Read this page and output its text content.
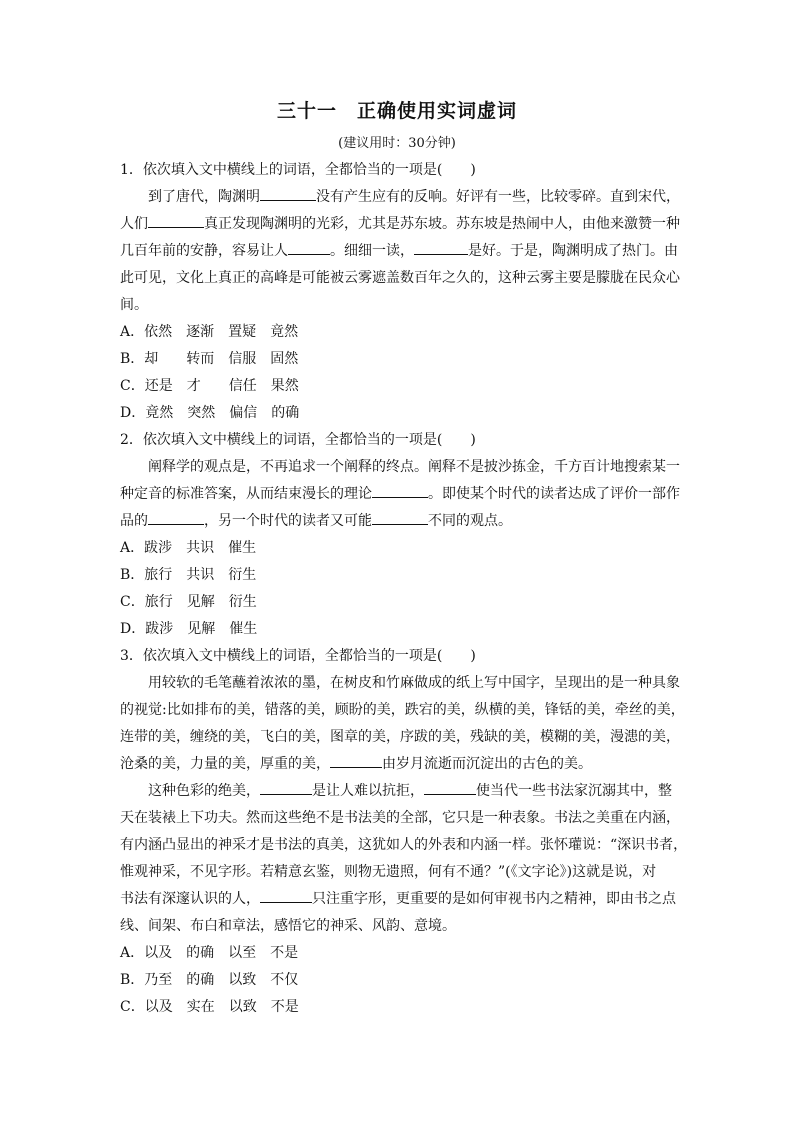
三十一　正确使用实词虚词
(建议用时：30分钟)
1．依次填入文中横线上的词语，全都恰当的一项是(　　)
到了唐代，陶渊明	没有产生应有的反响。好评有一些，比较零碎。直到宋代，
人们	真正发现陶渊明的光彩，尤其是苏东坡。苏东坡是热闹中人，由他来激赞一种
几百年前的安静，容易让人	。细细一读，	是好。于是，陶渊明成了热门。由
此可见，文化上真正的高峰是可能被云雾遮盖数百年之久的，这种云雾主要是朦胧在民众心
间。
A．依然　逐渐　置疑　竟然
B．却　　转而　信服　固然
C．还是　才　　信任　果然
D．竟然　突然　偏信　的确
2．依次填入文中横线上的词语，全都恰当的一项是(　　)
阐释学的观点是，不再追求一个阐释的终点。阐释不是披沙拣金，千方百计地搜索某一
种定音的标准答案，从而结束漫长的理论	。即使某个时代的读者达成了评价一部作
品的	，另一个时代的读者又可能	不同的观点。
A．跋涉　共识　催生
B．旅行　共识　衍生
C．旅行　见解　衍生
D．跋涉　见解　催生
3．依次填入文中横线上的词语，全都恰当的一项是(　　)
用较软的毛笔蘸着浓浓的墨，在树皮和竹麻做成的纸上写中国字，呈现出的是一种具象
的视觉:比如排布的美，错落的美，顾盼的美，跌宕的美，纵横的美，锋铦的美，牵丝的美，
连带的美，缠绕的美，飞白的美，图章的美，序跋的美，残缺的美，模糊的美，漫漶的美，
沧桑的美，力量的美，厚重的美，	由岁月流逝而沉淀出的古色的美。
这种色彩的绝美，	是让人难以抗拒，	使当代一些书法家沉溺其中，整
天在装裱上下功夫。然而这些绝不是书法美的全部，它只是一种表象。书法之美重在内涵，
有内涵凸显出的神采才是书法的真美，这犹如人的外表和内涵一样。张怀瓘说：“深识书者，
惟观神采，不见字形。若精意玄鉴，则物无遗照，何有不通？”(《文字论》)这就是说，对
书法有深邃认识的人，	只注重字形，更重要的是如何审视书内之精神，即由书之点
线、间架、布白和章法，感悟它的神采、风韵、意境。
A．以及　的确　以至　不是
B．乃至　的确　以致　不仅
C．以及　实在　以致　不是
